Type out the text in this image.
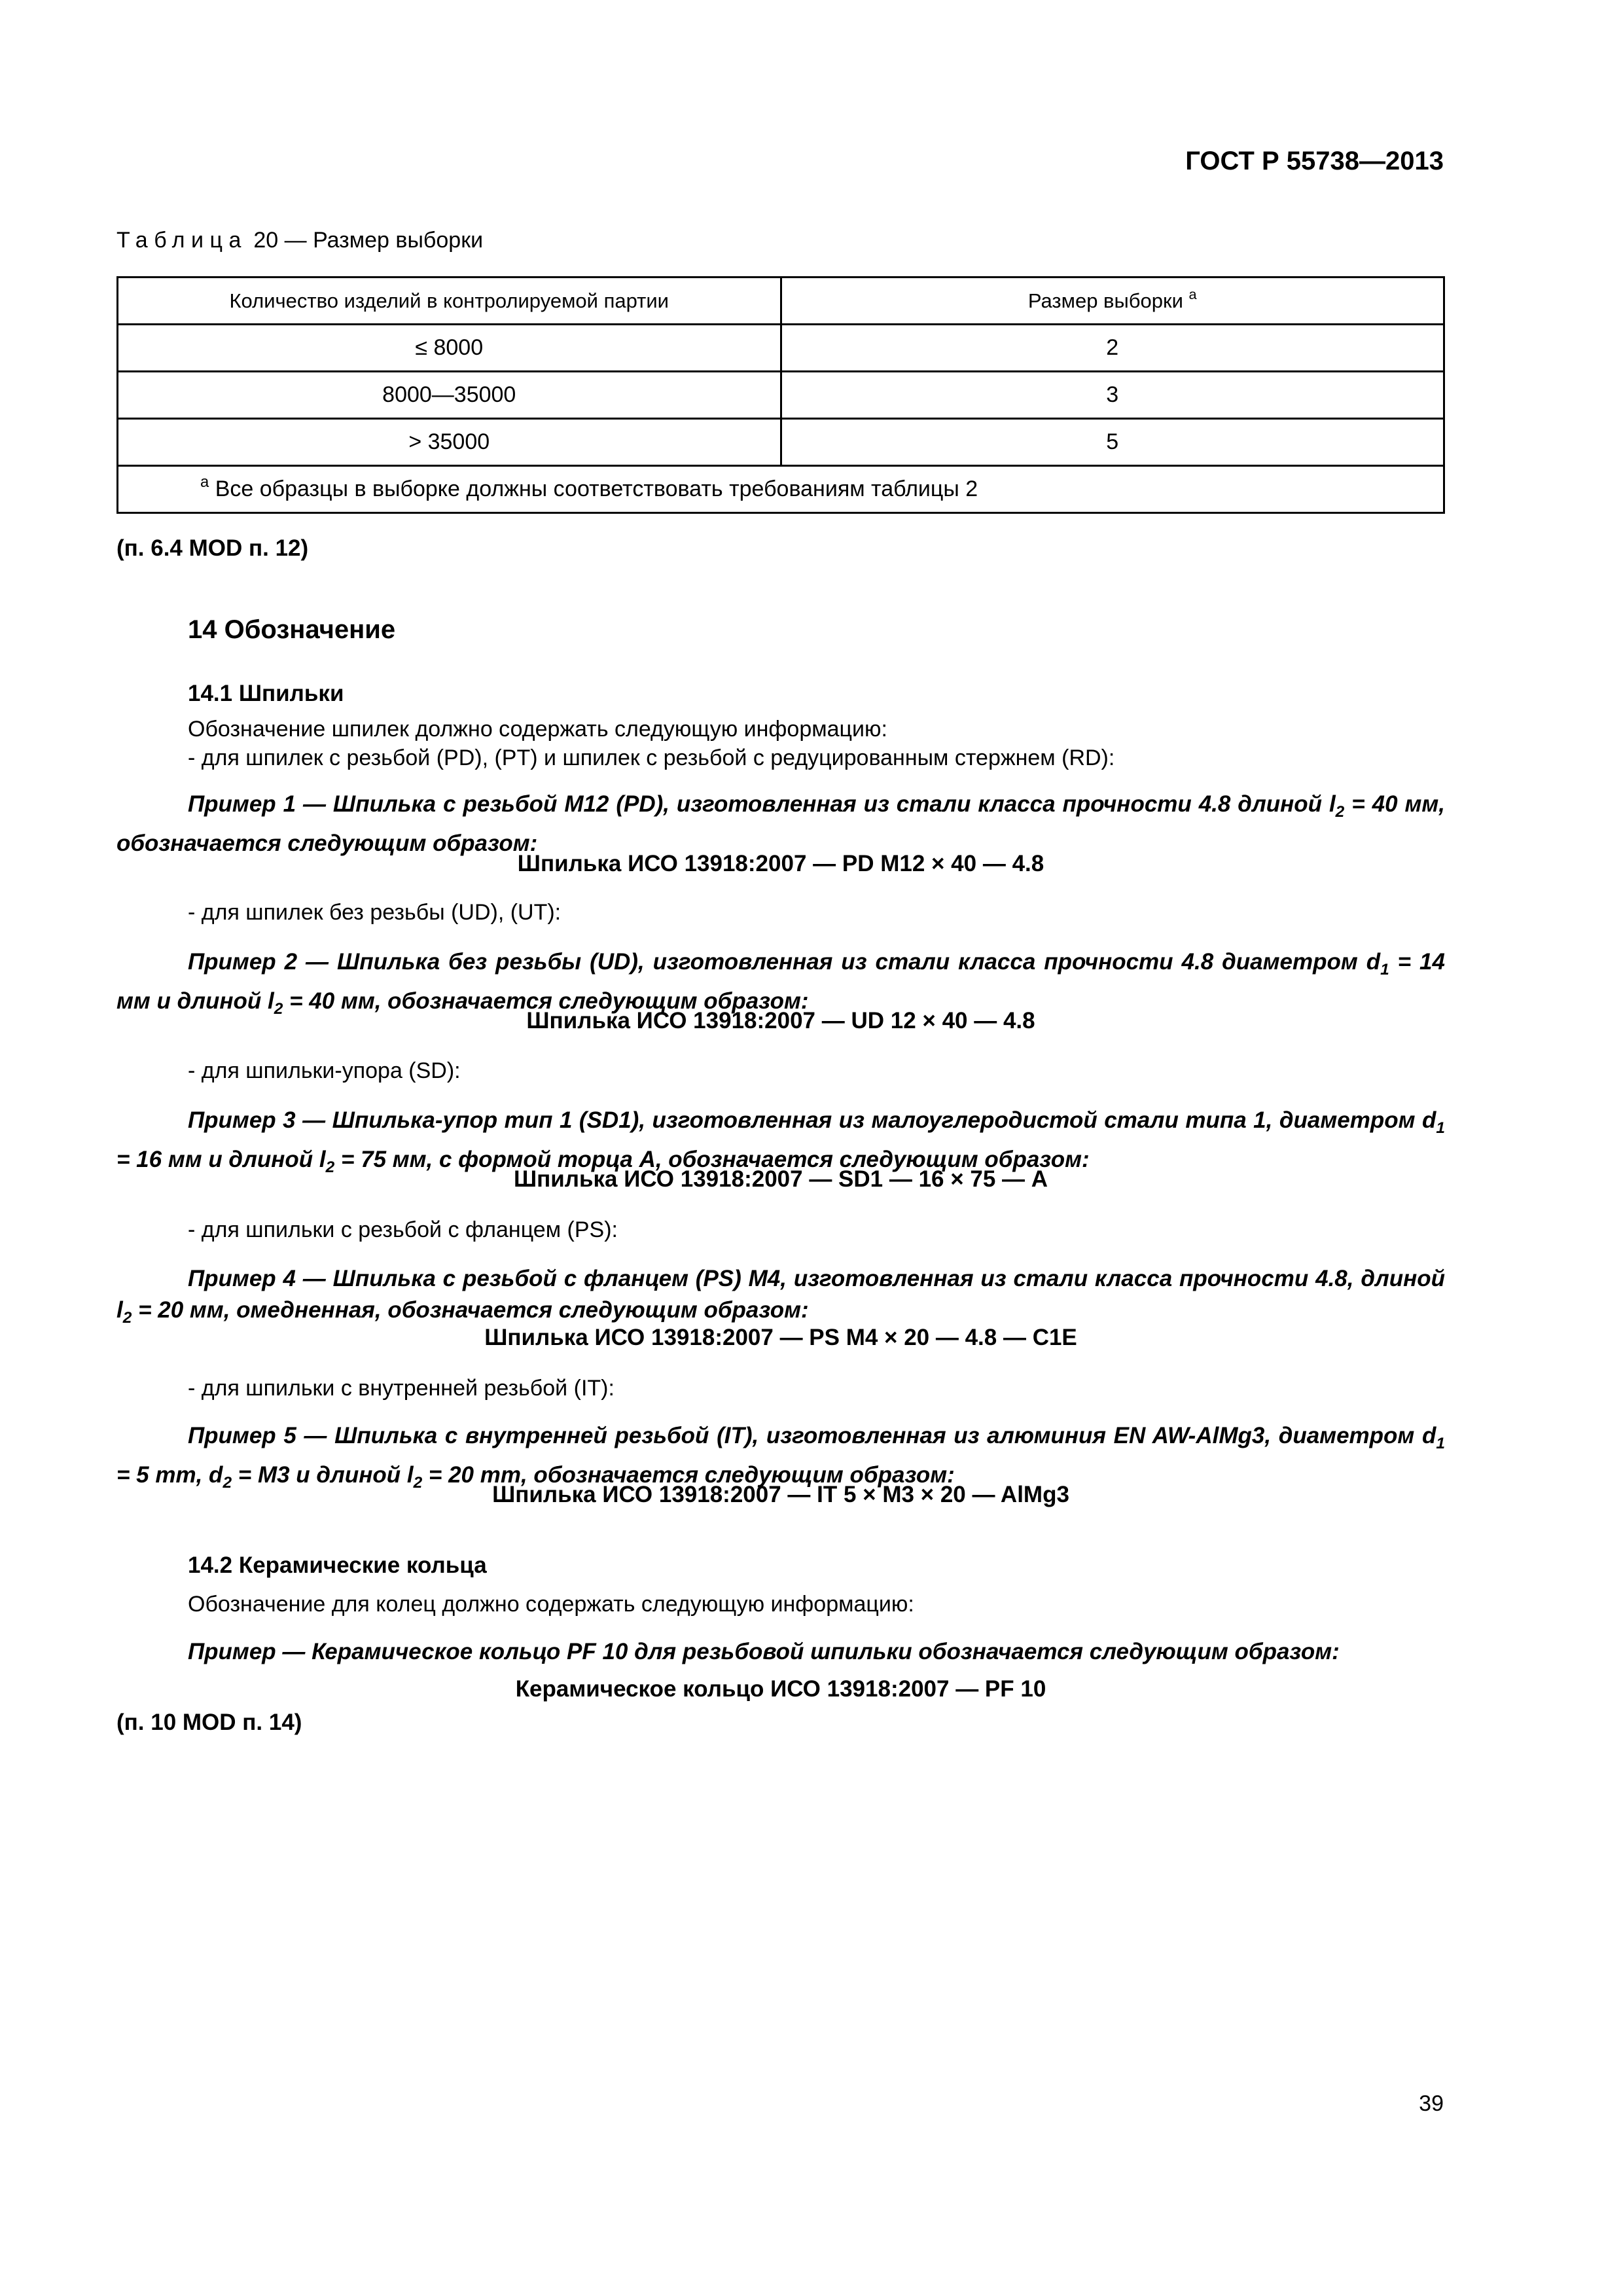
ГОСТ Р 55738—2013
Таблица 20 — Размер выборки
Количество изделий в контролируемой партии	Размер выборки $^a$
≤ 8000	2
8000—35000	3
> 35000	5
$^a$ Все образцы в выборке должны соответствовать требованиям таблицы 2	
(п. 6.4 MOD п. 12)
14 Обозначение
14.1 Шпильки
Обозначение шпилек должно содержать следующую информацию:
- для шпилек с резьбой (PD), (PT) и шпилек с резьбой с редуцированным стержнем (RD):
Пример 1 — Шпилька с резьбой М12 (PD), изготовленная из стали класса прочности 4.8 длиной $l_2 = 40$ мм, обозначается следующим образом:
Шпилька ИСО 13918:2007 — PD M12 × 40 — 4.8
- для шпилек без резьбы (UD), (UT):
Пример 2 — Шпилька без резьбы (UD), изготовленная из стали класса прочности 4.8 диаметром $d_1 = 14$ мм и длиной $l_2 = 40$ мм, обозначается следующим образом:
Шпилька ИСО 13918:2007 — UD 12 × 40 — 4.8
- для шпильки-упора (SD):
Пример 3 — Шпилька-упор тип 1 (SD1), изготовленная из малоуглеродистой стали типа 1, диаметром $d_1 = 16$ мм и длиной $l_2 = 75$ мм, с формой торца А, обозначается следующим образом:
Шпилька ИСО 13918:2007 — SD1 — 16 × 75 — А
- для шпильки с резьбой с фланцем (PS):
Пример 4 — Шпилька с резьбой с фланцем (PS) М4, изготовленная из стали класса прочности 4.8, длиной $l_2 = 20$ мм, омедненная, обозначается следующим образом:
Шпилька ИСО 13918:2007 — PS M4 × 20 — 4.8 — C1E
- для шпильки с внутренней резьбой (IT):
Пример 5 — Шпилька с внутренней резьбой (IT), изготовленная из алюминия EN AW-AlMg3, диаметром $d_1 = 5$ mm, $d_2 = M3$ и длиной $l_2 = 20$ mm, обозначается следующим образом:
Шпилька ИСО 13918:2007 — IT 5 × M3 × 20 — AlMg3
14.2 Керамические кольца
Обозначение для колец должно содержать следующую информацию:
Пример — Керамическое кольцо PF 10 для резьбовой шпильки обозначается следующим образом:
Керамическое кольцо ИСО 13918:2007 — PF 10
(п. 10 MOD п. 14)
39
